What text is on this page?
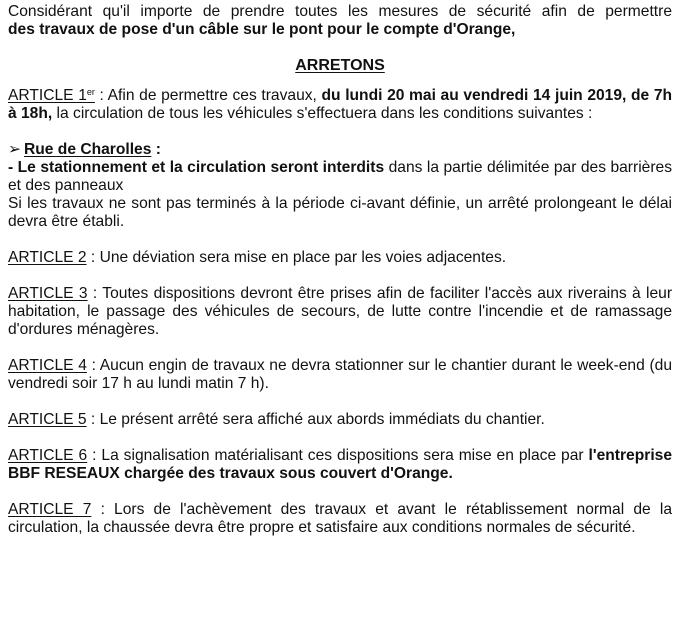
Considérant qu'il importe de prendre toutes les mesures de sécurité afin de permettre

des travaux de pose d'un câble sur le pont pour le compte d'Orange,

ARRETONS

ARTICLE 1er : Afin de permettre ces travaux, du lundi 20 mai au vendredi 14 juin 2019, de 7h à 18h, la circulation de tous les véhicules s'effectuera dans les conditions suivantes :

➢ Rue de Charolles :

- Le stationnement et la circulation seront interdits dans la partie délimitée par des barrières et des panneaux

Si les travaux ne sont pas terminés à la période ci-avant définie, un arrêté prolongeant le délai devra être établi.

ARTICLE 2 : Une déviation sera mise en place par les voies adjacentes.

ARTICLE 3 : Toutes dispositions devront être prises afin de faciliter l'accès aux riverains à leur habitation, le passage des véhicules de secours, de lutte contre l'incendie et de ramassage d'ordures ménagères.

ARTICLE 4 : Aucun engin de travaux ne devra stationner sur le chantier durant le week-end (du vendredi soir 17 h au lundi matin 7 h).

ARTICLE 5 : Le présent arrêté sera affiché aux abords immédiats du chantier.

ARTICLE 6 : La signalisation matérialisant ces dispositions sera mise en place par l'entreprise BBF RESEAUX chargée des travaux sous couvert d'Orange.

ARTICLE 7 : Lors de l'achèvement des travaux et avant le rétablissement normal de la circulation, la chaussée devra être propre et satisfaire aux conditions normales de sécurité.
